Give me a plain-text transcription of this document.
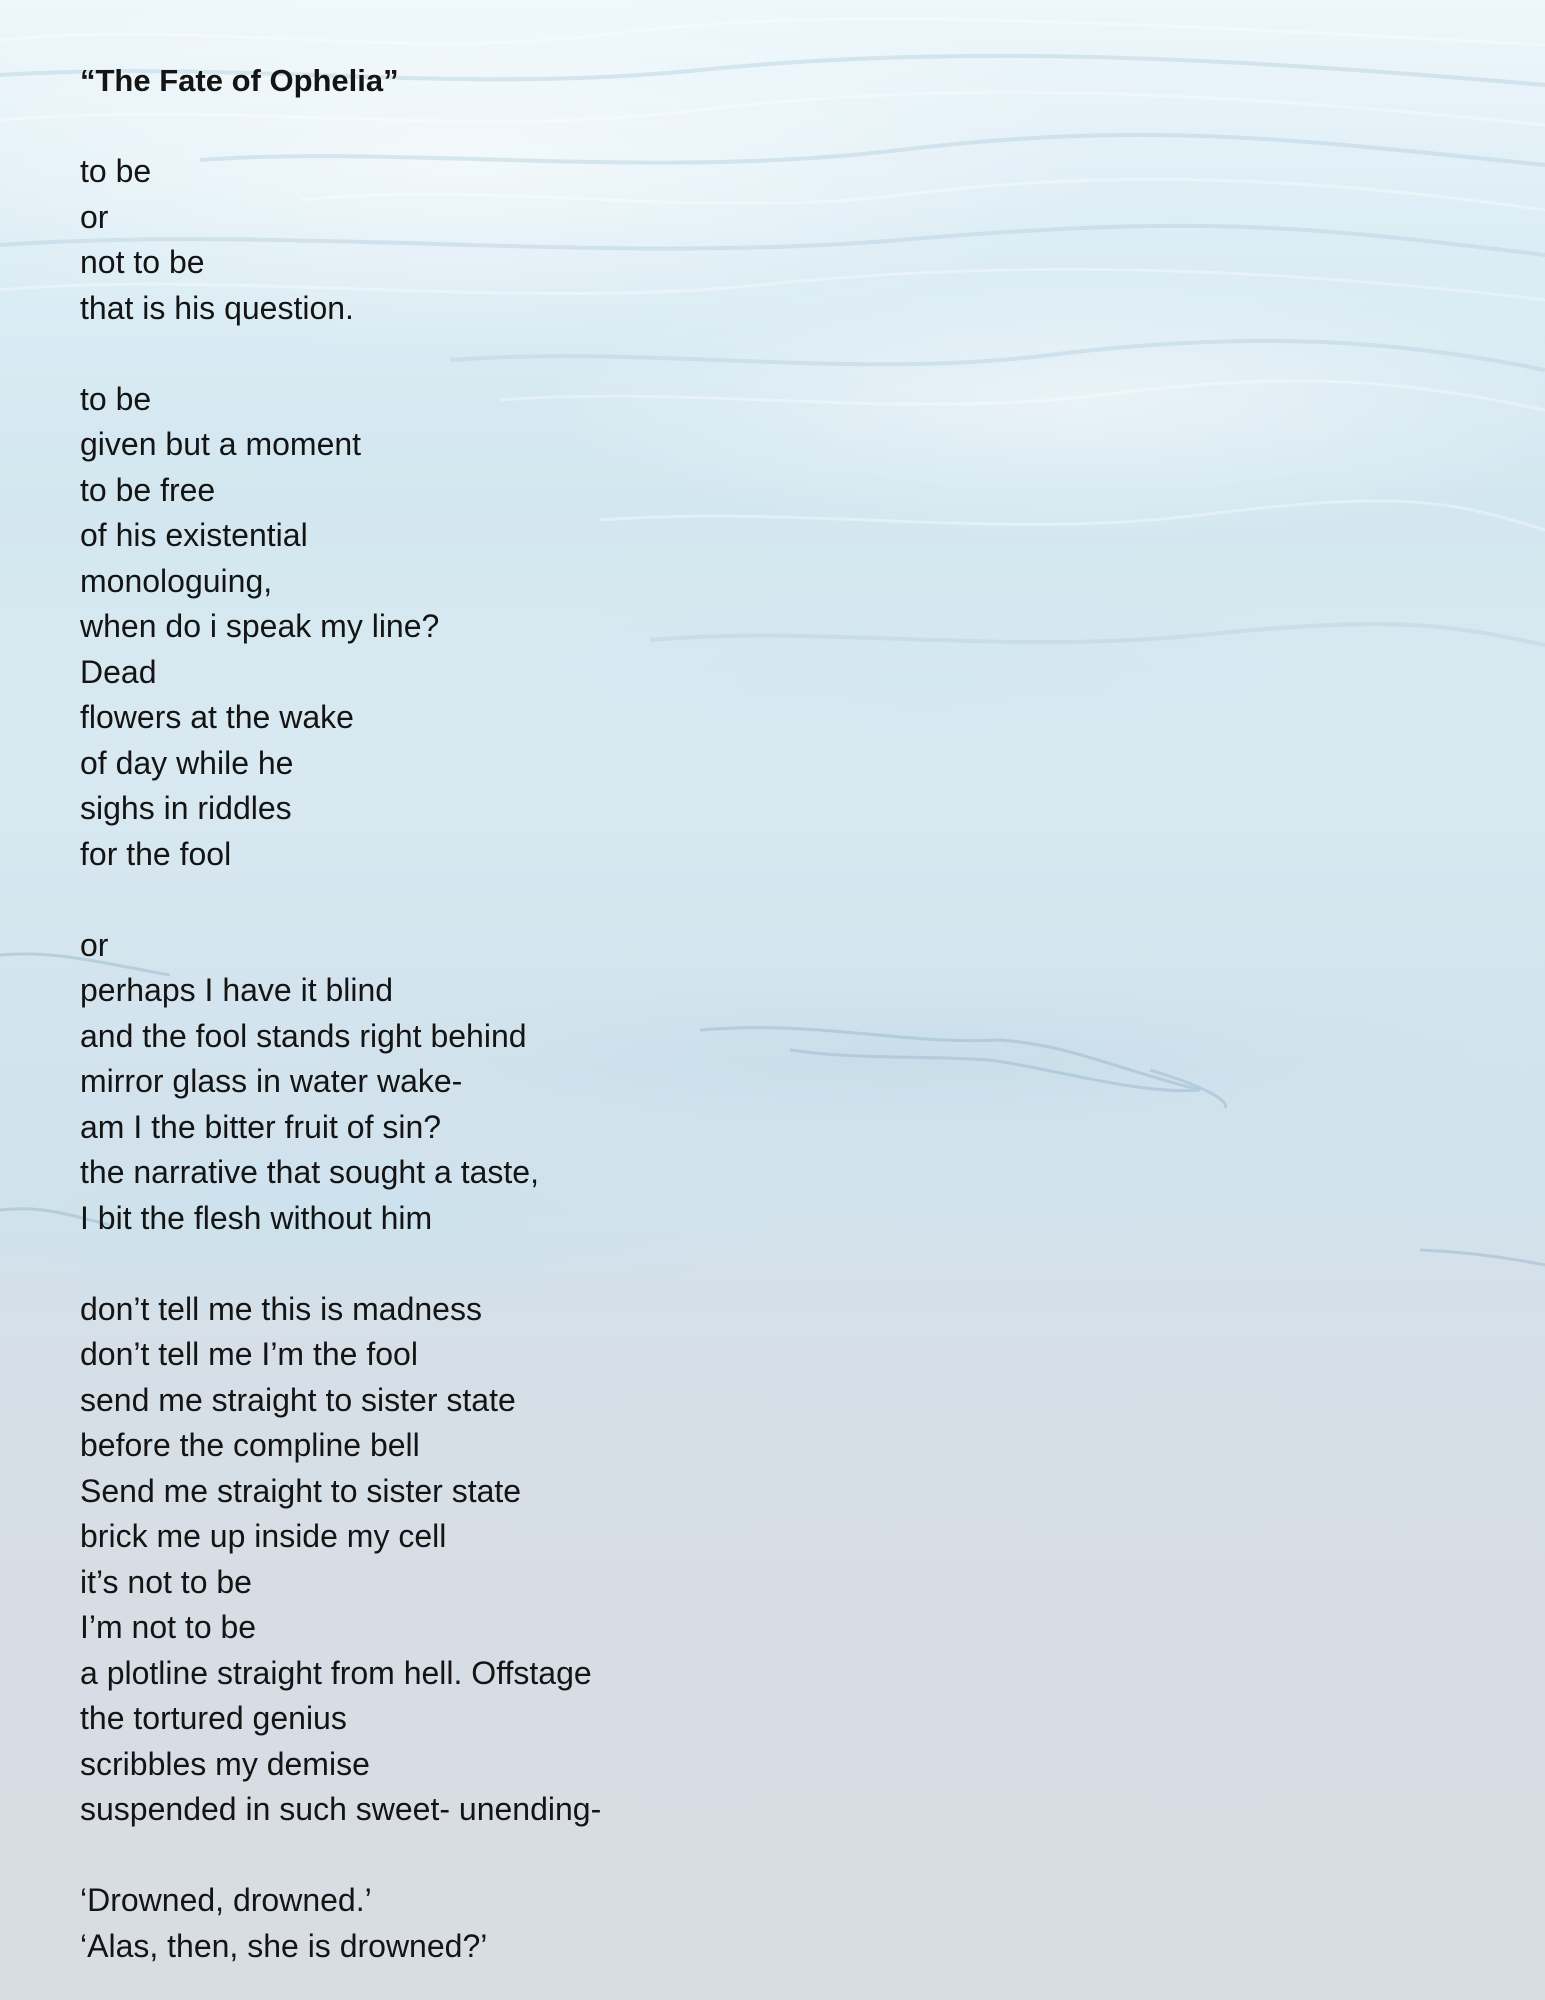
“The Fate of Ophelia”
to be
or
not to be
that is his question.
to be
given but a moment
to be free
of his existential
monologuing,
when do i speak my line?
Dead
flowers at the wake
of day while he
sighs in riddles
for the fool
or
perhaps I have it blind
and the fool stands right behind
mirror glass in water wake-
am I the bitter fruit of sin?
the narrative that sought a taste,
I bit the flesh without him
don’t tell me this is madness
don’t tell me I’m the fool
send me straight to sister state
before the compline bell
Send me straight to sister state
brick me up inside my cell
it’s not to be
I’m not to be
a plotline straight from hell. Offstage
the tortured genius
scribbles my demise
suspended in such sweet- unending-
‘Drowned, drowned.’
‘Alas, then, she is drowned?’
